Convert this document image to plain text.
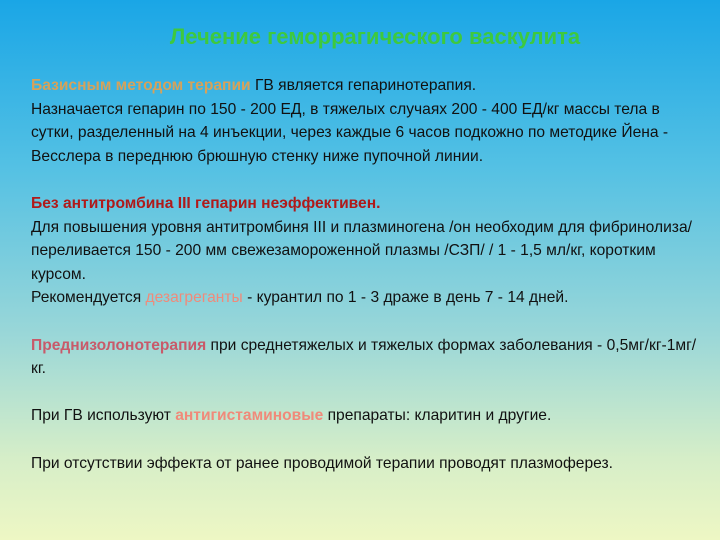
Лечение геморрагического васкулита

Базисным методом терапии ГВ является гепаринотерапия.
Назначается гепарин по 150 - 200 ЕД, в тяжелых случаях 200 - 400 ЕД/кг массы тела в сутки, разделенный на 4 инъекции, через каждые 6 часов подкожно по методике Йена - Весслера в переднюю брюшную стенку ниже пупочной линии.

Без антитромбина III гепарин неэффективен.
Для повышения уровня антитромбиня III и плазминогена /он необходим для фибринолиза/ переливается 150 - 200 мм свежезамороженной плазмы /СЗП/ / 1 - 1,5 мл/кг, коротким курсом.
Рекомендуется дезагреганты - курантил по 1 - 3 драже в день 7 - 14 дней.

Преднизолонотерапия при среднетяжелых и тяжелых формах заболевания - 0,5мг/кг-1мг/кг.

При ГВ используют антигистаминовые препараты: кларитин и другие.

При отсутствии эффекта от ранее проводимой терапии проводят плазмоферез.
